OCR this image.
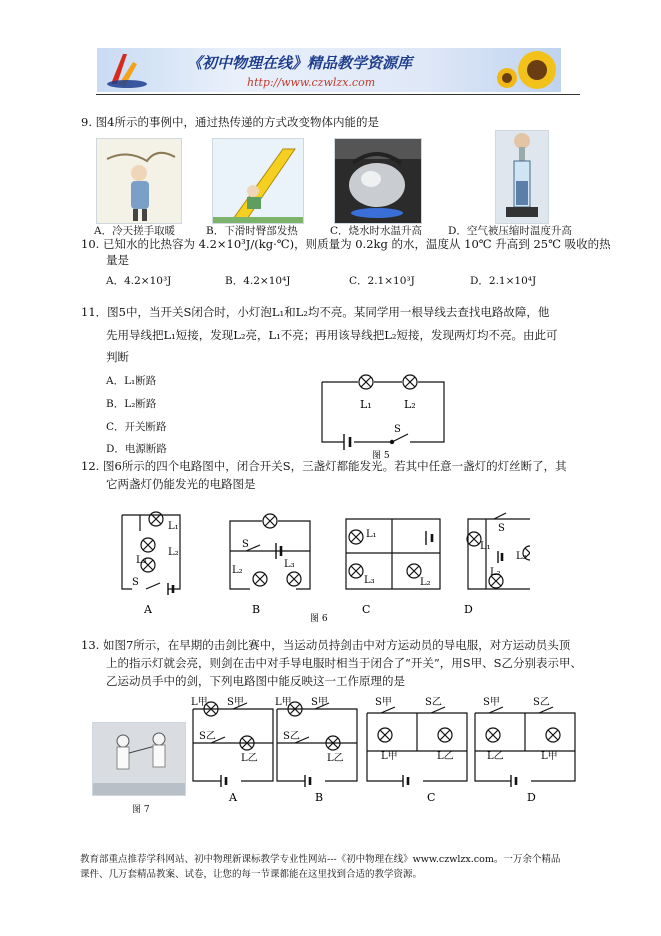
《初中物理在线》精品教学资源库
http://www.czwlzx.com
9. 图4所示的事例中，通过热传递的方式改变物体内能的是
A．冷天搓手取暖	B．下滑时臀部发热	C．烧水时水温升高 D．空气被压缩时温度升高
10. 已知水的比热容为 4.2×10³J/(kg·℃)，则质量为 0.2kg 的水，温度从 10℃ 升高到 25℃ 吸收的热
量是
A．4.2×10³J	B．4.2×10⁴J	C．2.1×10³J	D．2.1×10⁴J
11．图5中，当开关S闭合时，小灯泡L₁和L₂均不亮。某同学用一根导线去查找电路故障，他
先用导线把L₁短接，发现L₂亮，L₁不亮；再用该导线把L₂短接，发现两灯均不亮。由此可
判断
A．L₁断路
B．L₂断路
C．开关断路
D．电源断路
L₁	L₂
S
图 5
12. 图6所示的四个电路图中，闭合开关S，三盏灯都能发光。若其中任意一盏灯的灯丝断了，其
它两盏灯仍能发光的电路图是
L₁
L₂
L₃
S
S
L₂
L₃
L₁
L₃	L₂
L₁
S
L₃
L₂
A	B	C	D
图 6
13. 如图7所示，在早期的击剑比赛中，当运动员持剑击中对方运动员的导电服，对方运动员头顶
上的指示灯就会亮，则剑在击中对手导电服时相当于闭合了“开关”，用S甲、S乙分别表示甲、
乙运动员手中的剑，下列电路图中能反映这一工作原理的是
图 7
L甲 S甲
S乙
L乙
L甲 S甲
S乙
L乙
S甲	S乙
L甲	L乙
S甲	S乙
L乙	L甲
A	B	C	D
教育部重点推荐学科网站、初中物理新课标教学专业性网站---《初中物理在线》www.czwlzx.com。一万余个精品
课件、几万套精品教案、试卷，让您的每一节课都能在这里找到合适的教学资源。
